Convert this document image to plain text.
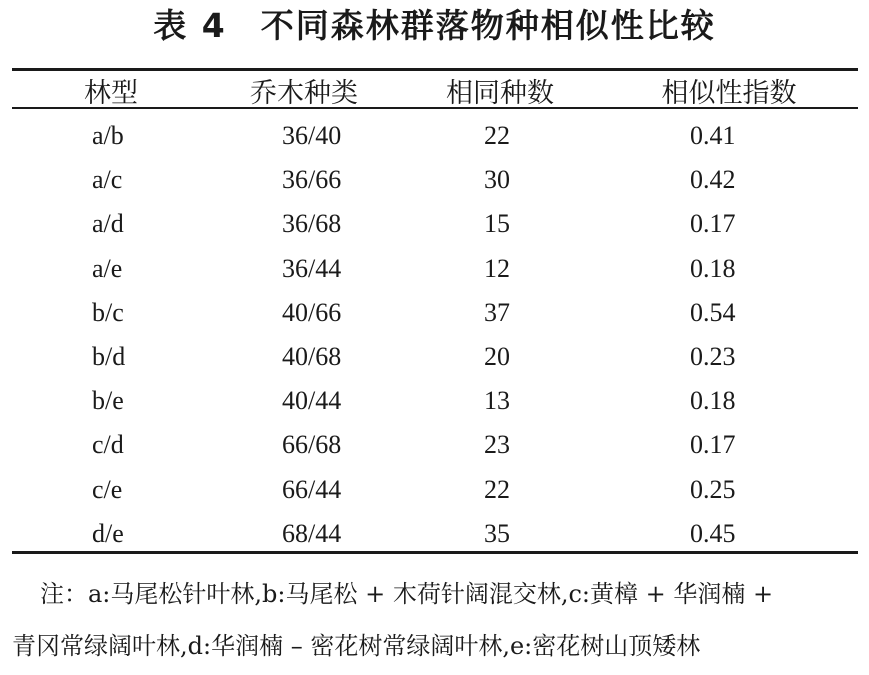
表 4 不同森林群落物种相似性比较
林型	乔木种类	相同种数	相似性指数
a/b	36/40	22	0.41
a/c	36/66	30	0.42
a/d	36/68	15	0.17
a/e	36/44	12	0.18
b/c	40/66	37	0.54
b/d	40/68	20	0.23
b/e	40/44	13	0.18
c/d	66/68	23	0.17
c/e	66/44	22	0.25
d/e	68/44	35	0.45
注：a:马尾松针叶林,b:马尾松 + 木荷针阔混交林,c:黄樟 + 华润楠 +
青冈常绿阔叶林,d:华润楠 – 密花树常绿阔叶林,e:密花树山顶矮林
